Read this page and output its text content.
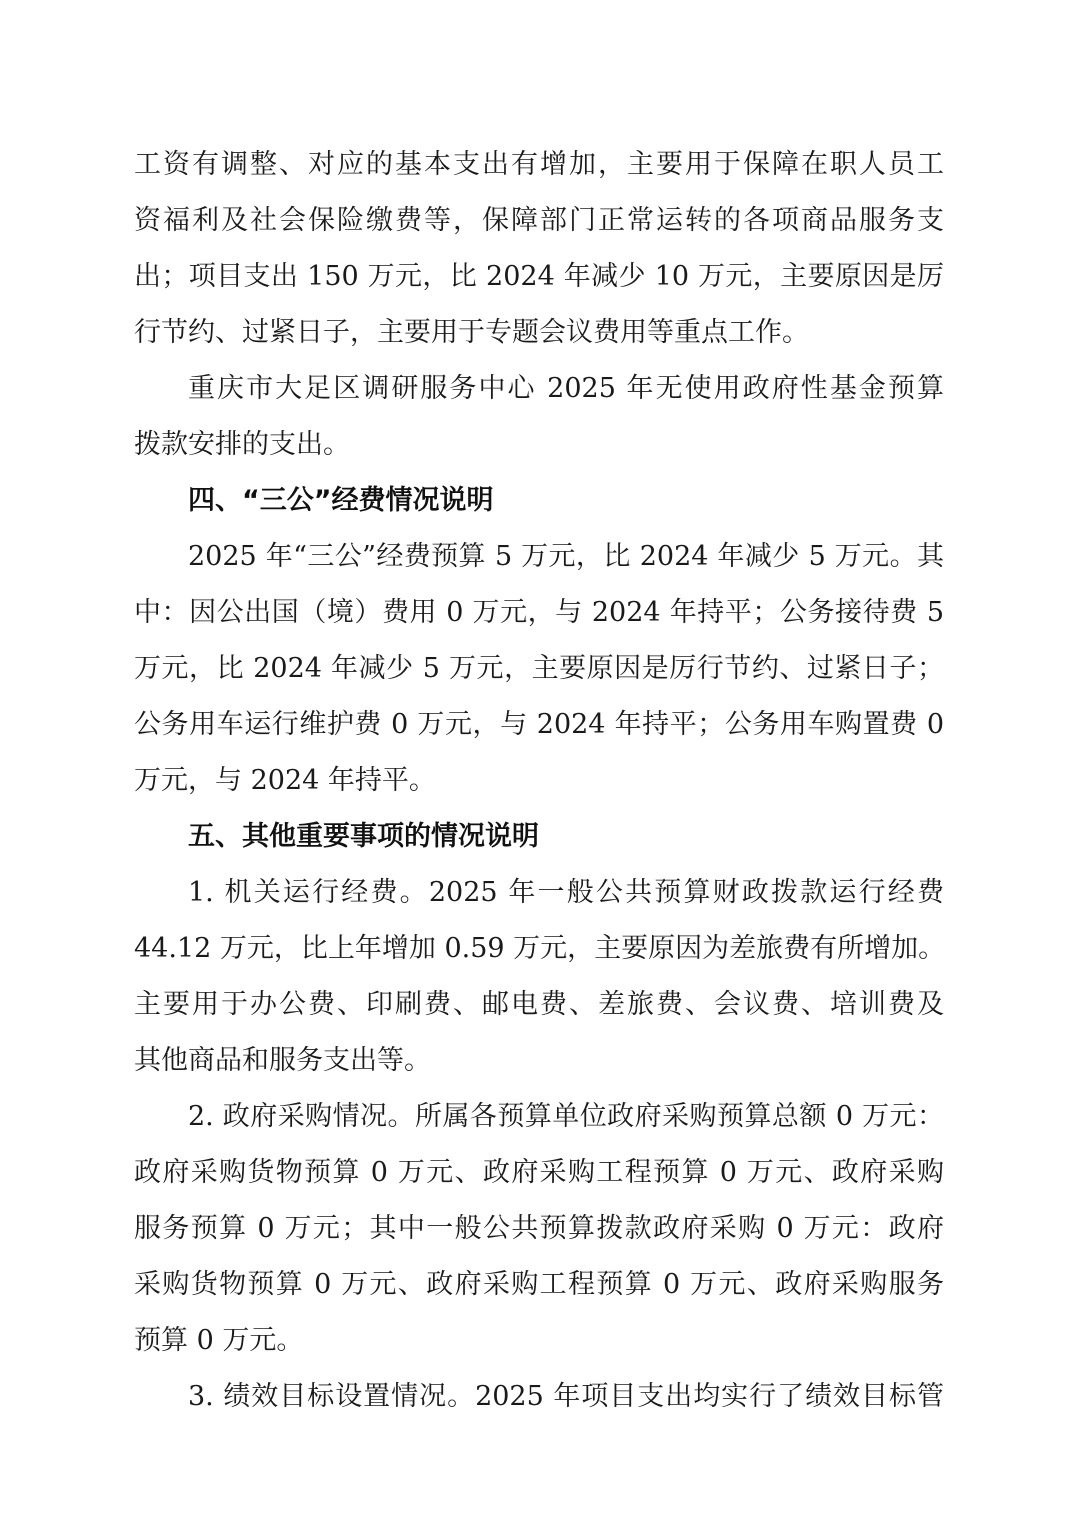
工资有调整、对应的基本支出有增加，主要用于保障在职人员工
资福利及社会保险缴费等，保障部门正常运转的各项商品服务支
出；项目支出 150 万元，比 2024 年减少 10 万元，主要原因是厉
行节约、过紧日子，主要用于专题会议费用等重点工作。
重庆市大足区调研服务中心 2025 年无使用政府性基金预算
拨款安排的支出。
四、“三公”经费情况说明
2025 年“三公”经费预算 5 万元，比 2024 年减少 5 万元。其
中：因公出国（境）费用 0 万元，与 2024 年持平；公务接待费 5
万元，比 2024 年减少 5 万元，主要原因是厉行节约、过紧日子；
公务用车运行维护费 0 万元，与 2024 年持平；公务用车购置费 0
万元，与 2024 年持平。
五、其他重要事项的情况说明
1. 机关运行经费。2025 年一般公共预算财政拨款运行经费
44.12 万元，比上年增加 0.59 万元，主要原因为差旅费有所增加。
主要用于办公费、印刷费、邮电费、差旅费、会议费、培训费及
其他商品和服务支出等。
2. 政府采购情况。所属各预算单位政府采购预算总额 0 万元：
政府采购货物预算 0 万元、政府采购工程预算 0 万元、政府采购
服务预算 0 万元；其中一般公共预算拨款政府采购 0 万元：政府
采购货物预算 0 万元、政府采购工程预算 0 万元、政府采购服务
预算 0 万元。
3. 绩效目标设置情况。2025 年项目支出均实行了绩效目标管
